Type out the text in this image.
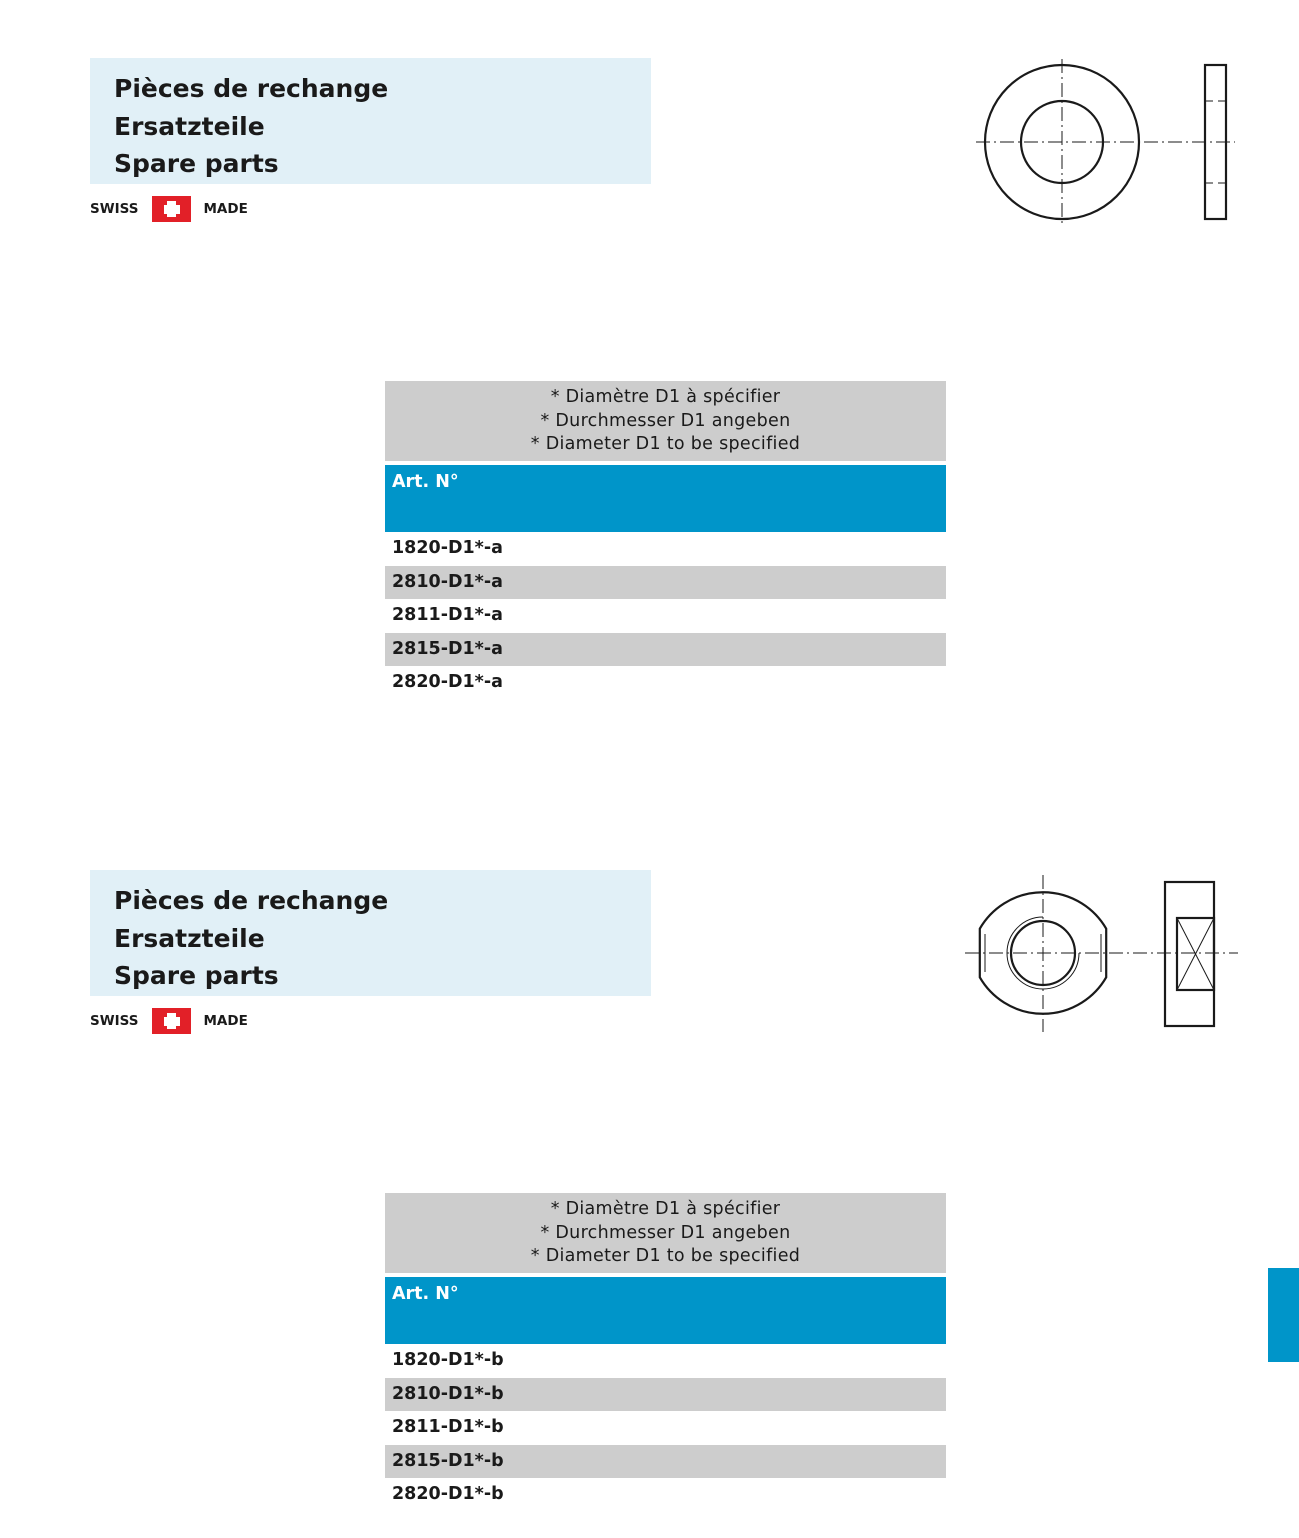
Pièces de rechange
Ersatzteile
Spare parts
SWISS	MADE
* Diamètre D1 à spécifier
* Durchmesser D1 angeben
* Diameter D1 to be specified
Art. N°
1820-D1*-a
2810-D1*-a
2811-D1*-a
2815-D1*-a
2820-D1*-a
Pièces de rechange
Ersatzteile
Spare parts
SWISS	MADE
* Diamètre D1 à spécifier
* Durchmesser D1 angeben
* Diameter D1 to be specified
Art. N°
1820-D1*-b
2810-D1*-b
2811-D1*-b
2815-D1*-b
2820-D1*-b
